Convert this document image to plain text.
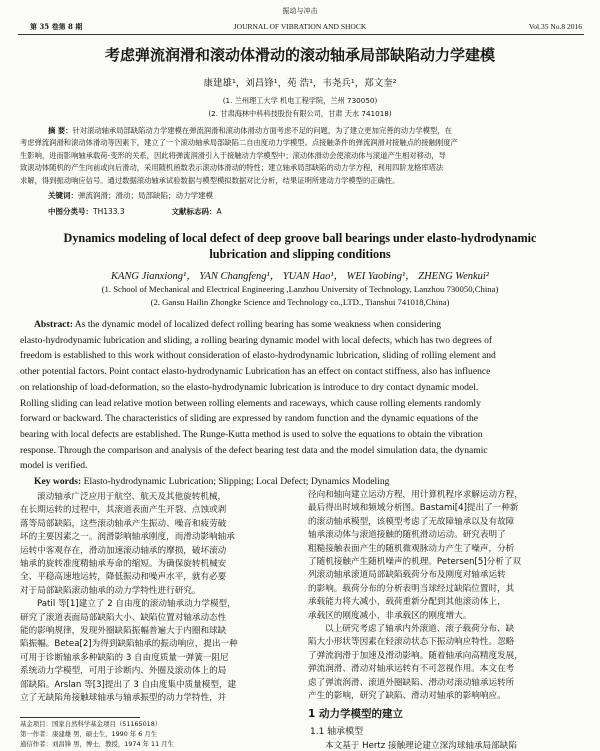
振动与冲击
第 35 卷第 8 期	JOURNAL OF VIBRATION AND SHOCK	Vol.35 No.8 2016
考虑弹流润滑和滚动体滑动的滚动轴承局部缺陷动力学建模
康建雄¹，刘昌锋¹，苑 浩¹，韦尧兵¹，郑文奎²
(1. 兰州理工大学 机电工程学院，兰州 730050)
(2. 甘肃海林中科科技股份有限公司，甘肃 天水 741018)
摘 要：针对滚动轴承局部缺陷动力学建模在弹流润滑和滚动体滑动方面考虑不足的问题，为了建立更加完善的动力学模型，在
考虑弹流润滑和滚动体滑动等因素下，建立了一个滚动轴承局部缺陷二自由度动力学模型。点接触条件的弹流润滑对接触点的接触刚度产
生影响，进而影响轴承载荷-变形的关系，因此将弹流润滑引入干接触动力学模型中；滚动体滑动会使滚动体与滚道产生相对移动，导
致滚动体随机的产生向前或向后滑动，采用随机函数表示滚动体滑动的特性；建立轴承局部缺陷的动力学方程，利用四阶龙格库塔法
求解，得到振动响应信号。通过数据滚动轴承试验数据与模型模拟数据对比分析，结果证明所建动力学模型的正确性。
关键词：弹流润滑；滑动；局部缺陷；动力学建模
中图分类号：TH133.3	文献标志码：A
Dynamics modeling of local defect of deep groove ball bearings under elasto-hydrodynamic
lubrication and slipping conditions
KANG Jianxiong¹， YAN Changfeng¹， YUAN Hao¹， WEI Yaobing¹， ZHENG Wenkui²
(1. School of Mechanical and Electrical Engineering ,Lanzhou University of Technology, Lanzhou 730050,China)
(2. Gansu Hailin Zhongke Science and Technology co.,LTD., Tianshui 741018,China)
Abstract: As the dynamic model of localized defect rolling bearing has some weakness when considering
elasto-hydrodynamic lubrication and sliding, a rolling bearing dynamic model with local defects, which has two degrees of
freedom is established to this work without consideration of elasto-hydrodynamic lubrication, sliding of rolling element and
other potential factors. Point contact elasto-hydrodynamic Lubrication has an effect on contact stiffness, also has influence
on relationship of load-deformation, so the elasto-hydrodynamic lubrication is introduce to dry contact dynamic model.
Rolling sliding can lead relative motion between rolling elements and raceways, which cause rolling elements randomly
forward or backward. The characteristics of sliding are expressed by random function and the dynamic equations of the
bearing with local defects are established. The Runge-Kutta method is used to solve the equations to obtain the vibration
response. Through the comparison and analysis of the defect bearing test data and the model simulation data, the dynamic
model is verified.
Key words: Elasto-hydrodynamic Lubrication; Slipping; Local Defect; Dynamics Modeling
滚动轴承广泛应用于航空、航天及其他旋转机械，
在长期运转的过程中，其滚道表面产生开裂、点蚀或剥
落等局部缺陷，这些滚动轴承产生振动、噪音和疲劳破
坏的主要因素之一。润滑影响轴承刚度，而滑动影响轴承
运转中客观存在，滑动加速滚动轴承的摩损，破坏滚动
轴承的旋转准度精轴承寿命的缩短。为确保旋转机械安
全、平稳高速地运转，降低振动和噪声水平，就有必要
对于局部缺陷滚动轴承的动力学特性进行研究。
Patil 等[1]建立了 2 自由度的滚动轴承动力学模型，
研究了滚道表面局部缺陷大小、缺陷位置对轴承动态性
能的影响规律，发现外圈缺陷振幅普遍大于内圈和球缺
陷振幅。Betea[2]为得到缺陷轴承的振动响应，提出一种
可用于诊断轴承多种缺陷的 3 自由度质量一弹簧一阻尼
系统动力学模型，可用于诊断内、外圈及滚动体上的局
部缺陷。Arslan 等[3]提出了 3 自由度集中质量模型，建
立了无缺陷角接触球轴承与轴承振型的动力学特性，并
基金项目：国家自然科学基金项目（51165018）
第一作者：康建雄 男，硕士生，1990 年 6 月生
通信作者：刘昌锋 男，博士，教授，1974 年 11 月生
径向和轴向建立运动方程，用计算机程序求解运动方程，
最后得出时域和频域分析图。Bastami[4]提出了一种新
的滚动轴承模型，该模型考虑了无故障轴承以及有故障
轴承滚动体与滚道接触的随机滑动运动。研究表明了
粗糙接触表面产生的随机微观脉动力产生了噪声，分析
了随机接触产生随机噪声的机理。Petersen[5]分析了双
列滚动轴承滚道局部缺陷载荷分布及刚度对轴承运转
的影响。载荷分布的分析表明当球经过缺陷位置时，其
承载能力将大减小，载荷重新分配到其他滚动体上，
承载区的刚度减小，非承载区的刚度增大。
以上研究考虑了轴承内外滚道、滚子载荷分布、缺
陷大小形状等因素在轻滚动状态下振动响应特性。忽略
了弹流润滑于加速及滑动影响。随着轴承向高精度发展，
弹流润滑、滑动对轴承运转有不可忽视作用。本文在考
虑了弹流润滑、滚道外圈缺陷、滑动对滚动轴承运转所
产生的影响，研究了缺陷、滑动对轴承的影响响应。
1 动力学模型的建立
1.1 轴承模型
本文基于 Hertz 接触理论建立深沟球轴承局部缺陷
